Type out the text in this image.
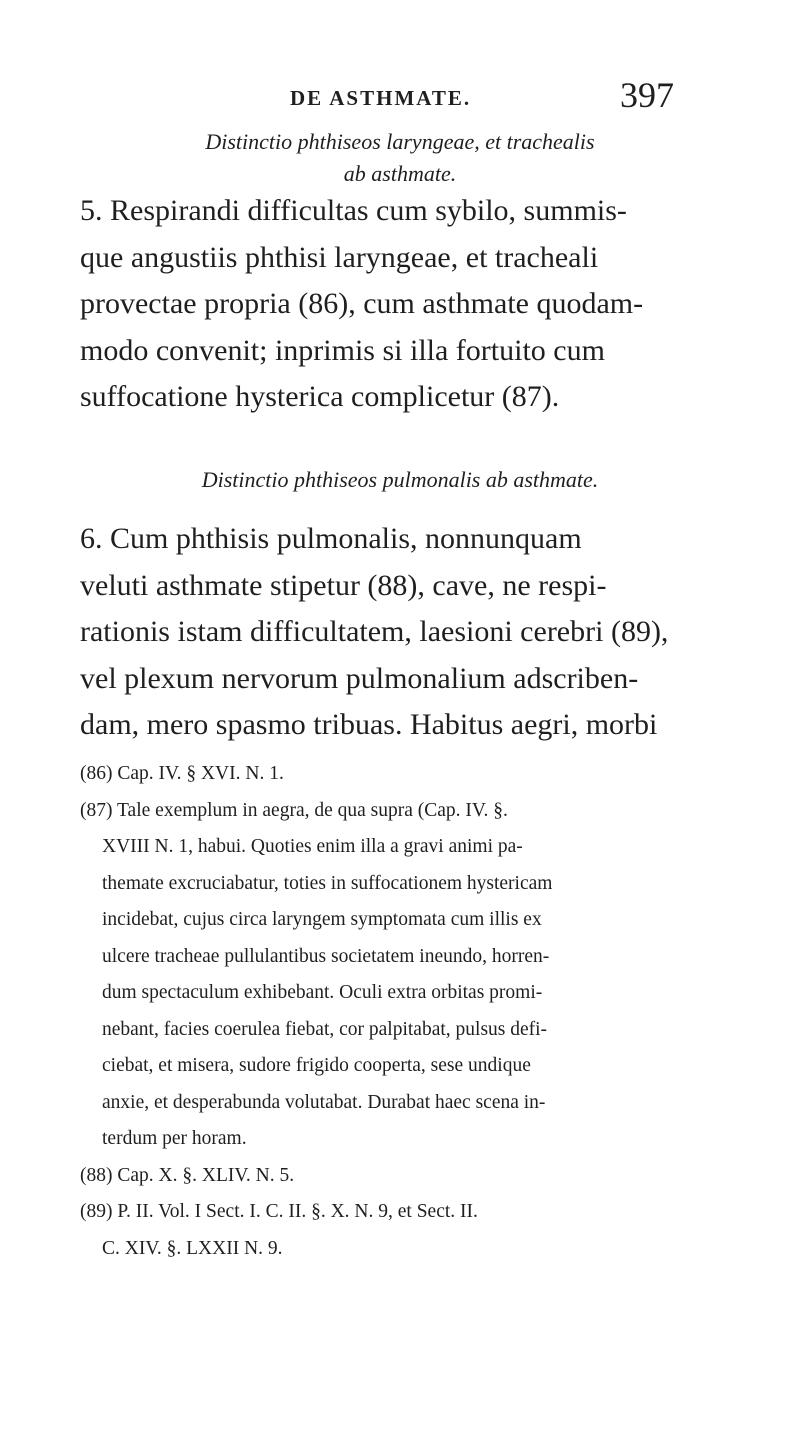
DE ASTHMATE.	397
Distinctio phthiseos laryngeae, et trachealis
ab asthmate.
5. Respirandi difficultas cum sybilo, summis-
que angustiis phthisi laryngeae, et tracheali
provectae propria (86), cum asthmate quodam-
modo convenit; inprimis si illa fortuito cum
suffocatione hysterica complicetur (87).
Distinctio phthiseos pulmonalis ab asthmate.
6. Cum phthisis pulmonalis, nonnunquam
veluti asthmate stipetur (88), cave, ne respi-
rationis istam difficultatem, laesioni cerebri (89),
vel plexum nervorum pulmonalium adscriben-
dam, mero spasmo tribuas. Habitus aegri, morbi
(86) Cap. IV. § XVI. N. 1.
(87) Tale exemplum in aegra, de qua supra (Cap. IV. §.
XVIII N. 1, habui. Quoties enim illa a gravi animi pa-
themate excruciabatur, toties in suffocationem hystericam
incidebat, cujus circa laryngem symptomata cum illis ex
ulcere tracheae pullulantibus societatem ineundo, horren-
dum spectaculum exhibebant. Oculi extra orbitas promi-
nebant, facies coerulea fiebat, cor palpitabat, pulsus defi-
ciebat, et misera, sudore frigido cooperta, sese undique
anxie, et desperabunda volutabat. Durabat haec scena in-
terdum per horam.
(88) Cap. X. §. XLIV. N. 5.
(89) P. II. Vol. I Sect. I. C. II. §. X. N. 9, et Sect. II.
C. XIV. §. LXXII N. 9.
